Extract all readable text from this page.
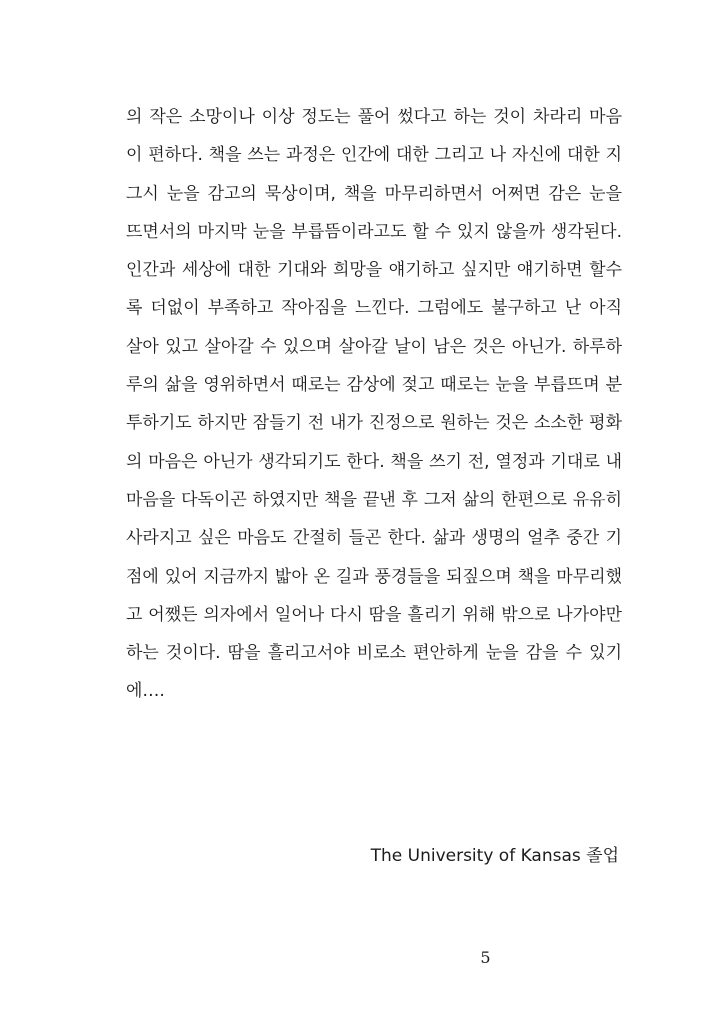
의 작은 소망이나 이상 정도는 풀어 썼다고 하는 것이 차라리 마음
이 편하다. 책을 쓰는 과정은 인간에 대한 그리고 나 자신에 대한 지
그시 눈을 감고의 묵상이며, 책을 마무리하면서 어쩌면 감은 눈을
뜨면서의 마지막 눈을 부릅뜸이라고도 할 수 있지 않을까 생각된다.
인간과 세상에 대한 기대와 희망을 얘기하고 싶지만 얘기하면 할수
록 더없이 부족하고 작아짐을 느낀다. 그럼에도 불구하고 난 아직
살아 있고 살아갈 수 있으며 살아갈 날이 남은 것은 아닌가. 하루하
루의 삶을 영위하면서 때로는 감상에 젖고 때로는 눈을 부릅뜨며 분
투하기도 하지만 잠들기 전 내가 진정으로 원하는 것은 소소한 평화
의 마음은 아닌가 생각되기도 한다. 책을 쓰기 전, 열정과 기대로 내
마음을 다독이곤 하였지만 책을 끝낸 후 그저 삶의 한편으로 유유히
사라지고 싶은 마음도 간절히 들곤 한다. 삶과 생명의 얼추 중간 기
점에 있어 지금까지 밟아 온 길과 풍경들을 되짚으며 책을 마무리했
고 어쨌든 의자에서 일어나 다시 땀을 흘리기 위해 밖으로 나가야만
하는 것이다. 땀을 흘리고서야 비로소 편안하게 눈을 감을 수 있기
에….
The University of Kansas 졸업
5
